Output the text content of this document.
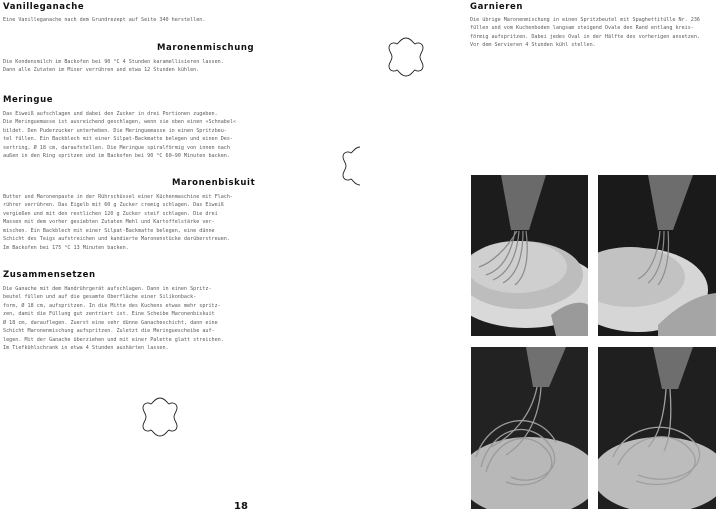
Vanilleganache
Eine Vanilleganache nach dem Grundrezept auf Seite 340 herstellen.
Maronenmischung
Die Kondensmilch im Backofen bei 90 °C 4 Stunden karamellisieren lassen.
Dann alle Zutaten im Mixer verrühren und etwa 12 Stunden kühlen.
Meringue
Das Eiweiß aufschlagen und dabei den Zucker in drei Portionen zugeben.
Die Meringuemasse ist ausreichend geschlagen, wenn sie oben einen »Schnabel«
bildet. Den Puderzucker unterheben. Die Meringuemasse in einen Spritzbeu-
tel füllen. Ein Backblech mit einer Silpat-Backmatte belegen und einen Des-
sertring, Ø 18 cm, daraufstellen. Die Meringue spiralförmig von innen nach
außen in den Ring spritzen und im Backofen bei 90 °C 60–90 Minuten backen.
Maronenbiskuit
Butter und Maronenpaste in der Rührschüssel einer Küchenmaschine mit Flach-
rührer verrühren. Das Eigelb mit 60 g Zucker cremig schlagen. Das Eiweiß
vergießen und mit den restlichen 120 g Zucker steif schlagen. Die drei
Massen mit dem vorher gesiebten Zutaten Mehl und Kartoffelstärke ver-
mischen. Ein Backblech mit einer Silpat-Backmatte belegen, eine dünne
Schicht des Teigs aufstreichen und kandierte Maronenstücke darüberstreuen.
Im Backofen bei 175 °C 13 Minuten backen.
Zusammensetzen
Die Ganache mit dem Handrührgerät aufschlagen. Dann in einen Spritz-
beutel füllen und auf die gesamte Oberfläche einer Silikonback-
form, Ø 18 cm, aufspritzen. In die Mitte des Kuchens etwas mehr spritz-
zen, damit die Füllung gut zentriert ist. Eine Scheibe Maronenbiskuit
Ø 18 cm, darauflegen. Zuerst eine sehr dünne Ganacheschicht, dann eine
Schicht Maronenmischung aufspritzen. Zuletzt die Meringuescheibe auf-
legen. Mit der Ganache überziehen und mit einer Palette glatt streichen.
Im Tiefkühlschrank in etwa 4 Stunden aushärten lassen.
18
Garnieren
Die übrige Maronenmischung in einen Spritzbeutel mit Spaghettitülle Nr. 236
füllen und vom Kuchenboden langsam steigend Ovale den Rand entlang kreis-
förmig aufspritzen. Dabei jedes Oval in der Hälfte des vorherigen ansetzen.
Vor dem Servieren 4 Stunden kühl stellen.
